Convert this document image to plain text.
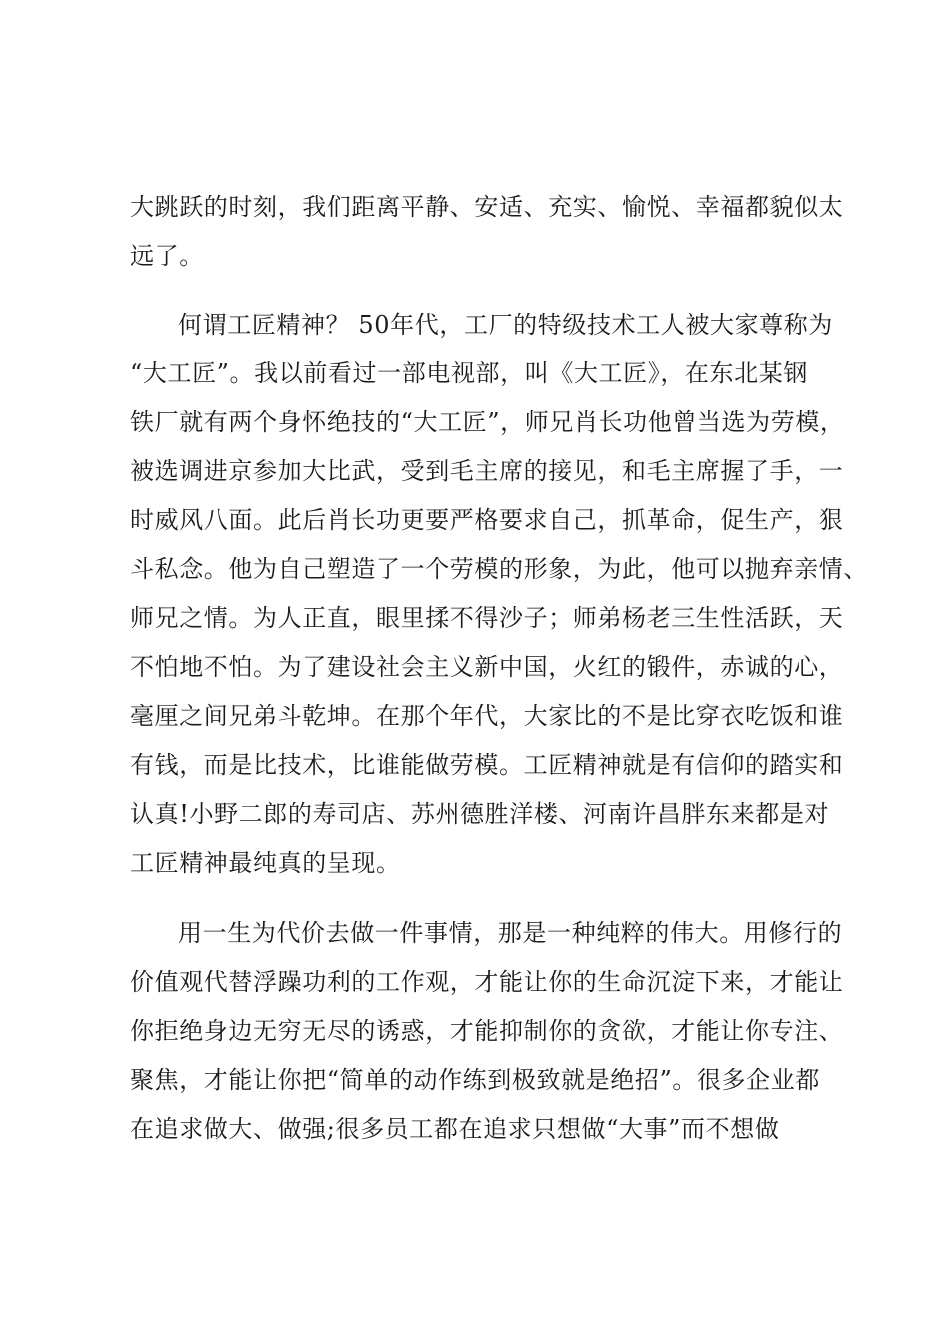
大跳跃的时刻，我们距离平静、安适、充实、愉悦、幸福都貌似太

远了。

何谓工匠精神？ 50年代，工厂的特级技术工人被大家尊称为

“大工匠”。我以前看过一部电视部，叫《大工匠》，在东北某钢

铁厂就有两个身怀绝技的“大工匠”，师兄肖长功他曾当选为劳模，

被选调进京参加大比武，受到毛主席的接见，和毛主席握了手，一

时威风八面。此后肖长功更要严格要求自己，抓革命，促生产，狠

斗私念。他为自己塑造了一个劳模的形象，为此，他可以抛弃亲情、

师兄之情。为人正直，眼里揉不得沙子；师弟杨老三生性活跃，天

不怕地不怕。为了建设社会主义新中国，火红的锻件，赤诚的心，

毫厘之间兄弟斗乾坤。在那个年代，大家比的不是比穿衣吃饭和谁

有钱，而是比技术，比谁能做劳模。工匠精神就是有信仰的踏实和

认真!小野二郎的寿司店、苏州德胜洋楼、河南许昌胖东来都是对

工匠精神最纯真的呈现。

用一生为代价去做一件事情，那是一种纯粹的伟大。用修行的

价值观代替浮躁功利的工作观，才能让你的生命沉淀下来，才能让

你拒绝身边无穷无尽的诱惑，才能抑制你的贪欲，才能让你专注、

聚焦，才能让你把“简单的动作练到极致就是绝招”。很多企业都

在追求做大、做强;很多员工都在追求只想做“大事”而不想做
